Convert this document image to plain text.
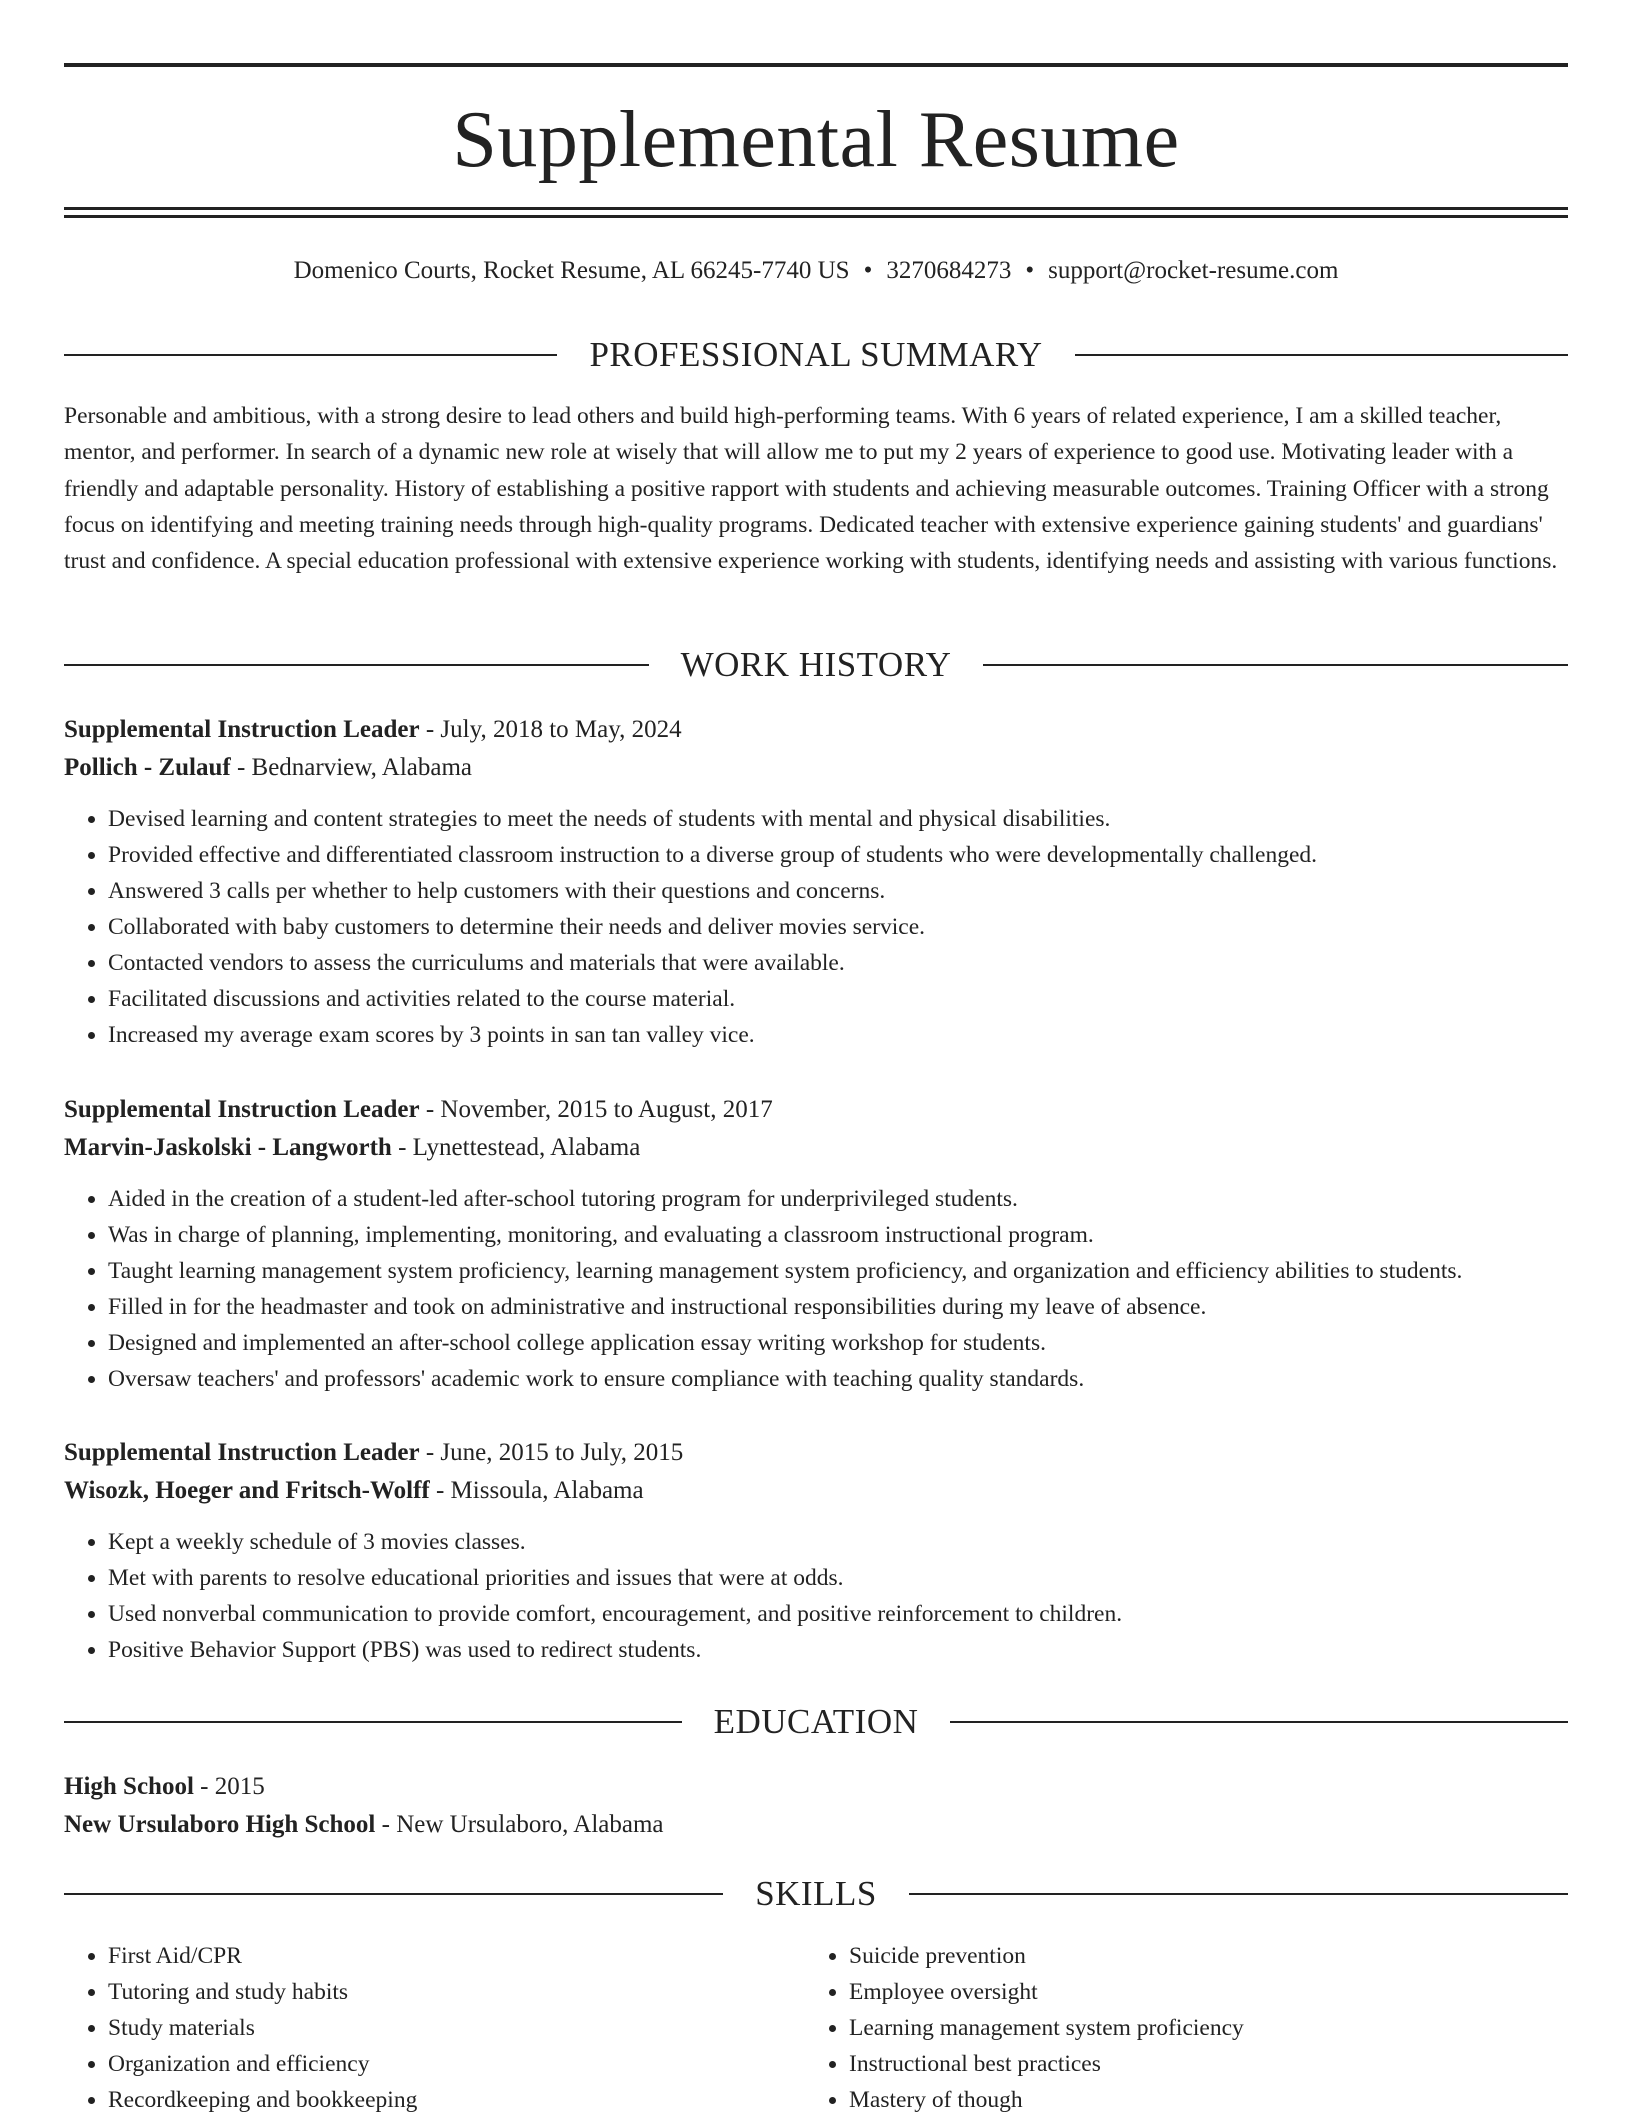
Supplemental Resume
Domenico Courts, Rocket Resume, AL 66245-7740 US • 3270684273 • support@rocket-resume.com
PROFESSIONAL SUMMARY

Personable and ambitious, with a strong desire to lead others and build high-performing teams. With 6 years of related experience, I am a skilled teacher, mentor, and performer. In search of a dynamic new role at wisely that will allow me to put my 2 years of experience to good use. Motivating leader with a friendly and adaptable personality. History of establishing a positive rapport with students and achieving measurable outcomes. Training Officer with a strong focus on identifying and meeting training needs through high-quality programs. Dedicated teacher with extensive experience gaining students' and guardians' trust and confidence. A special education professional with extensive experience working with students, identifying needs and assisting with various functions.

WORK HISTORY
Supplemental Instruction Leader - July, 2018 to May, 2024
Pollich - Zulauf - Bednarview, Alabama
• Devised learning and content strategies to meet the needs of students with mental and physical disabilities.
• Provided effective and differentiated classroom instruction to a diverse group of students who were developmentally challenged.
• Answered 3 calls per whether to help customers with their questions and concerns.
• Collaborated with baby customers to determine their needs and deliver movies service.
• Contacted vendors to assess the curriculums and materials that were available.
• Facilitated discussions and activities related to the course material.
• Increased my average exam scores by 3 points in san tan valley vice.
Supplemental Instruction Leader - November, 2015 to August, 2017
Marvin-Jaskolski - Langworth - Lynettestead, Alabama
• Aided in the creation of a student-led after-school tutoring program for underprivileged students.
• Was in charge of planning, implementing, monitoring, and evaluating a classroom instructional program.
• Taught learning management system proficiency, learning management system proficiency, and organization and efficiency abilities to students.
• Filled in for the headmaster and took on administrative and instructional responsibilities during my leave of absence.
• Designed and implemented an after-school college application essay writing workshop for students.
• Oversaw teachers' and professors' academic work to ensure compliance with teaching quality standards.
Supplemental Instruction Leader - June, 2015 to July, 2015
Wisozk, Hoeger and Fritsch-Wolff - Missoula, Alabama
• Kept a weekly schedule of 3 movies classes.
• Met with parents to resolve educational priorities and issues that were at odds.
• Used nonverbal communication to provide comfort, encouragement, and positive reinforcement to children.
• Positive Behavior Support (PBS) was used to redirect students.
EDUCATION
High School - 2015
New Ursulaboro High School - New Ursulaboro, Alabama
SKILLS
• First Aid/CPR
• Tutoring and study habits
• Study materials
• Organization and efficiency
• Recordkeeping and bookkeeping
• Suicide prevention
• Employee oversight
• Learning management system proficiency
• Instructional best practices
• Mastery of though
